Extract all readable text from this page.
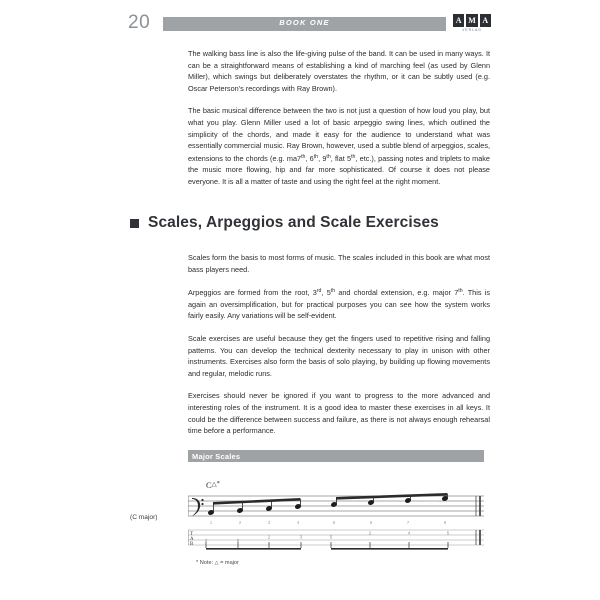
20	BOOK ONE	A M A
VERLAG

The walking bass line is also the life-giving pulse of the band. It can be used in many ways. It can be a straightforward means of establishing a kind of marching feel (as used by Glenn Miller), which swings but deliberately overstates the rhythm, or it can be subtly used (e.g. Oscar Peterson's recordings with Ray Brown).

The basic musical difference between the two is not just a question of how loud you play, but what you play. Glenn Miller used a lot of basic arpeggio swing lines, which outlined the simplicity of the chords, and made it easy for the audience to understand what was essentially commercial music. Ray Brown, however, used a subtle blend of arpeggios, scales, extensions to the chords (e.g. ma7th, 6th, 9th, flat 5th, etc.), passing notes and triplets to make the music more flowing, hip and far more sophisticated. Of course it does not please everyone. It is all a matter of taste and using the right feel at the right moment.

Scales, Arpeggios and Scale Exercises

Scales form the basis to most forms of music. The scales included in this book are what most bass players need.

Arpeggios are formed from the root, 3rd, 5th and chordal extension, e.g. major 7th. This is again an oversimplification, but for practical purposes you can see how the system works fairly easily. Any variations will be self-evident.

Scale exercises are useful because they get the fingers used to repetitive rising and falling patterns. You can develop the technical dexterity necessary to play in unison with other instruments. Exercises also form the basis of solo playing, by building up flowing movements and regular, melodic runs.

Exercises should never be ignored if you want to progress to the more advanced and interesting roles of the instrument. It is a good idea to master these exercises in all keys. It could be the difference between success and failure, as there is not always enough rehearsal time before a performance.

Major Scales
(C major)
C△*
1	2	3	4	5	6	7	8
T
A
B
3	5
2	3	5
2	4	5
* Note: △ = major
